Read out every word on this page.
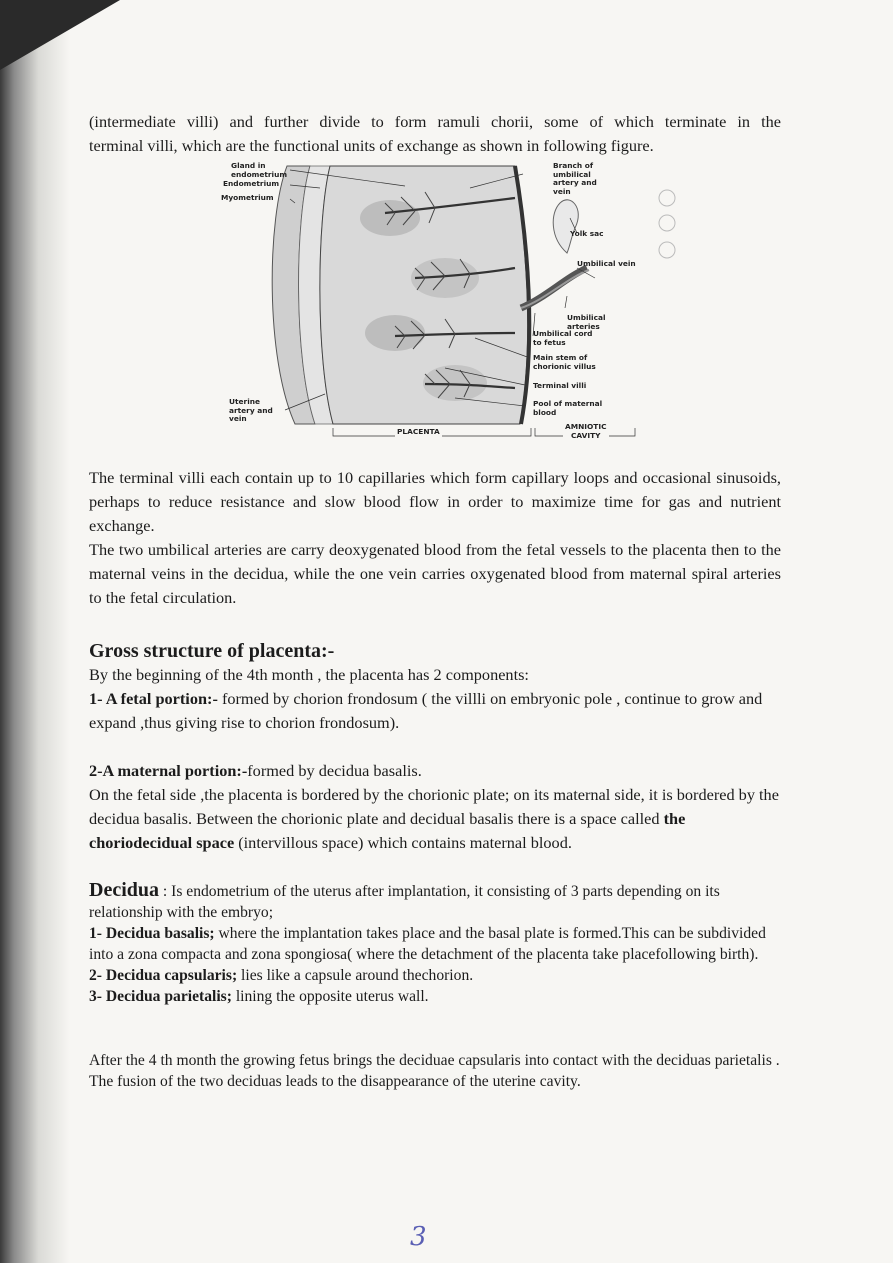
(intermediate villi) and further divide to form ramuli chorii, some of which terminate in the

terminal villi, which are the functional units of exchange as shown in following figure.

Gland in
endometrium
Endometrium
Myometrium
Branch of
umbilical
artery and
vein
Yolk sac
Umbilical vein
Umbilical
arteries
Umbilical cord
to fetus
Main stem of
chorionic villus
Terminal villi
Pool of maternal
blood
Uterine
artery and
vein
PLACENTA
AMNIOTIC
CAVITY

The terminal villi each contain up to 10 capillaries which form capillary loops and occasional sinusoids, perhaps to reduce resistance and slow blood flow in order to maximize time for gas and nutrient exchange.

The two umbilical arteries are carry deoxygenated blood from the fetal vessels to the placenta then to the maternal veins in the decidua, while the one vein carries oxygenated blood from maternal spiral arteries to the fetal circulation.

Gross structure of placenta:-

By the beginning of the 4th month , the placenta has 2 components:

1- A fetal portion:- formed by chorion frondosum ( the villli on embryonic pole , continue to grow and expand ,thus giving rise to chorion frondosum).

2-A maternal portion:-formed by decidua basalis.

On the fetal side ,the placenta is bordered by the chorionic plate; on its maternal side, it is bordered by the decidua basalis. Between the chorionic plate and decidual basalis there is a space called the choriodecidual space (intervillous space) which contains maternal blood.

Decidua : Is endometrium of the uterus after implantation, it consisting of 3 parts depending on its relationship with the embryo;

1- Decidua basalis; where the implantation takes place and the basal plate is formed.This can be subdivided into a zona compacta and zona spongiosa( where the detachment of the placenta take placefollowing birth).

2- Decidua capsularis; lies like a capsule around thechorion.

3- Decidua parietalis; lining the opposite uterus wall.

After the 4 th month the growing fetus brings the deciduae capsularis into contact with the deciduas parietalis .

The fusion of the two deciduas leads to the disappearance of the uterine cavity.

3
